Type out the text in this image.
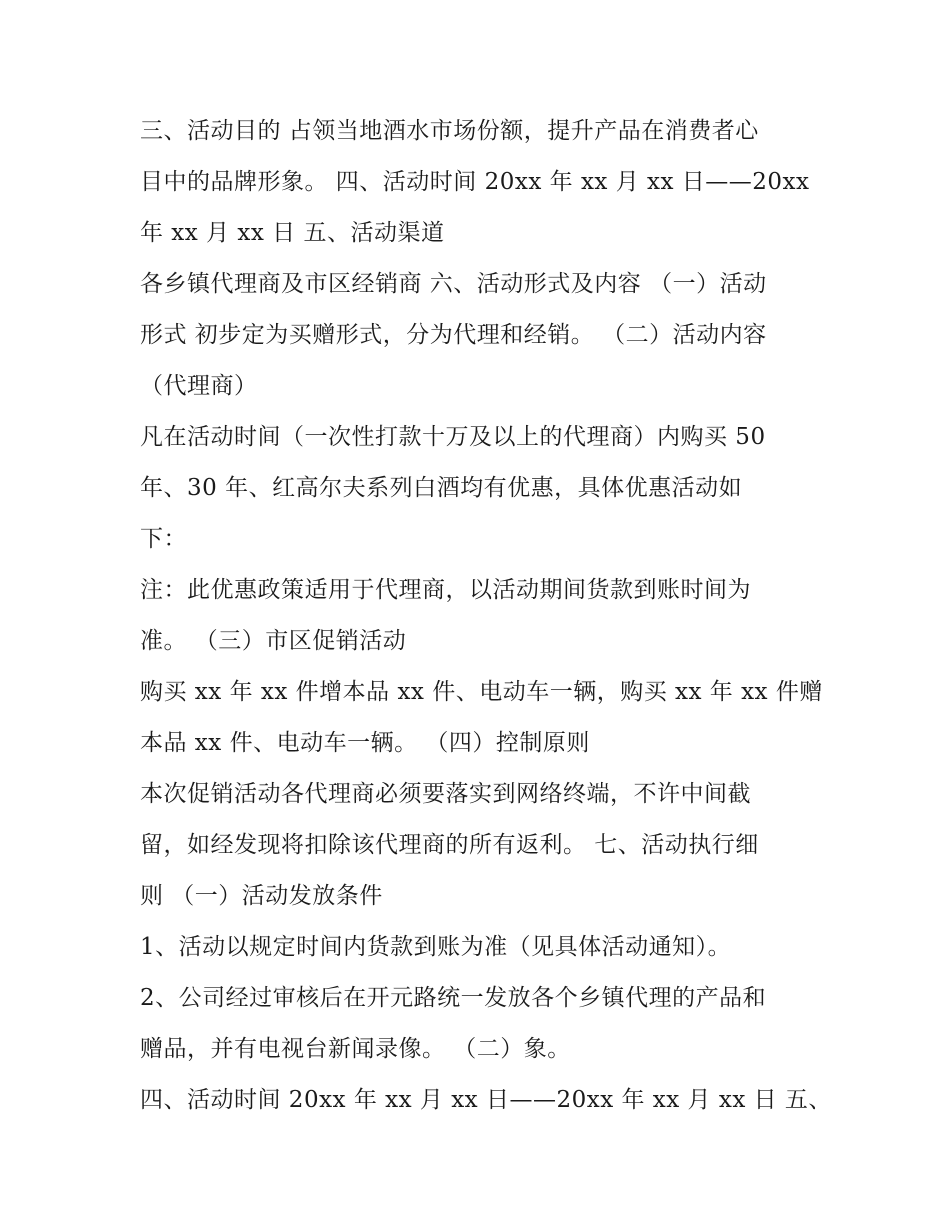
三、活动目的 占领当地酒水市场份额，提升产品在消费者心
目中的品牌形象。 四、活动时间 20xx 年 xx 月 xx 日——20xx
年 xx 月 xx 日 五、活动渠道
各乡镇代理商及市区经销商 六、活动形式及内容 （一）活动
形式 初步定为买赠形式，分为代理和经销。 （二）活动内容
（代理商）
凡在活动时间（一次性打款十万及以上的代理商）内购买 50
年、30 年、红高尔夫系列白酒均有优惠，具体优惠活动如
下：
注：此优惠政策适用于代理商，以活动期间货款到账时间为
准。 （三）市区促销活动
购买 xx 年 xx 件增本品 xx 件、电动车一辆，购买 xx 年 xx 件赠
本品 xx 件、电动车一辆。 （四）控制原则
本次促销活动各代理商必须要落实到网络终端，不许中间截
留，如经发现将扣除该代理商的所有返利。 七、活动执行细
则 （一）活动发放条件
1、活动以规定时间内货款到账为准（见具体活动通知）。
2、公司经过审核后在开元路统一发放各个乡镇代理的产品和
赠品，并有电视台新闻录像。 （二）象。
四、活动时间 20xx 年 xx 月 xx 日——20xx 年 xx 月 xx 日 五、
